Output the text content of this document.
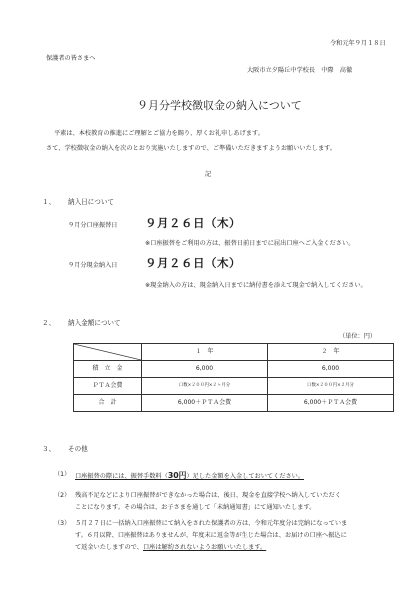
令和元年９月１８日
保護者の皆さまへ
大阪市立夕陽丘中学校長　中際　高徹
９月分学校徴収金の納入について
平素は、本校教育の推進にご理解とご協力を賜り、厚くお礼申しあげます。
さて、学校徴収金の納入を次のとおり実施いたしますので、ご準備いただきますようお願いいたします。
記
１、 納入日について
９月分口座振替日 ９月２６日（木）
※口座振替をご利用の方は、振替日前日までに屈出口座へご入金ください。
９月分現金納入日 ９月２６日（木）
※現金納入の方は、現金納入日までに納付書を添えて現金で納入してください。
２、 納入金額について
（単位：円）
	１　年	２　年
積　立　金	6,000	6,000
ＰＴＡ会費	口数×２００円×２ヶ月分	口数×２００円×２月分
合　計	6,000＋ＰＴＡ会費	6,000＋ＰＴＡ会費
３、 その他
（1） 口座振替の際には、振替手数料（30円）足した金額を入金しておいてください。
（2） 残高不足などにより口座振替ができなかった場合は、後日、現金を直接学校へ納入していただく
ことになります。その場合は、お子さまを通して「未納通知書」にて通知いたします。
（3） ５月２７日に一括納入口座振替にて納入をされた保護者の方は、令和元年度分は完納になっていま
す。６月以降、口座振替はありませんが、年度末に返金等が生じた場合は、お届けの口座へ振込に
て返金いたしますので、口座は解約されないようお願いいたします。
